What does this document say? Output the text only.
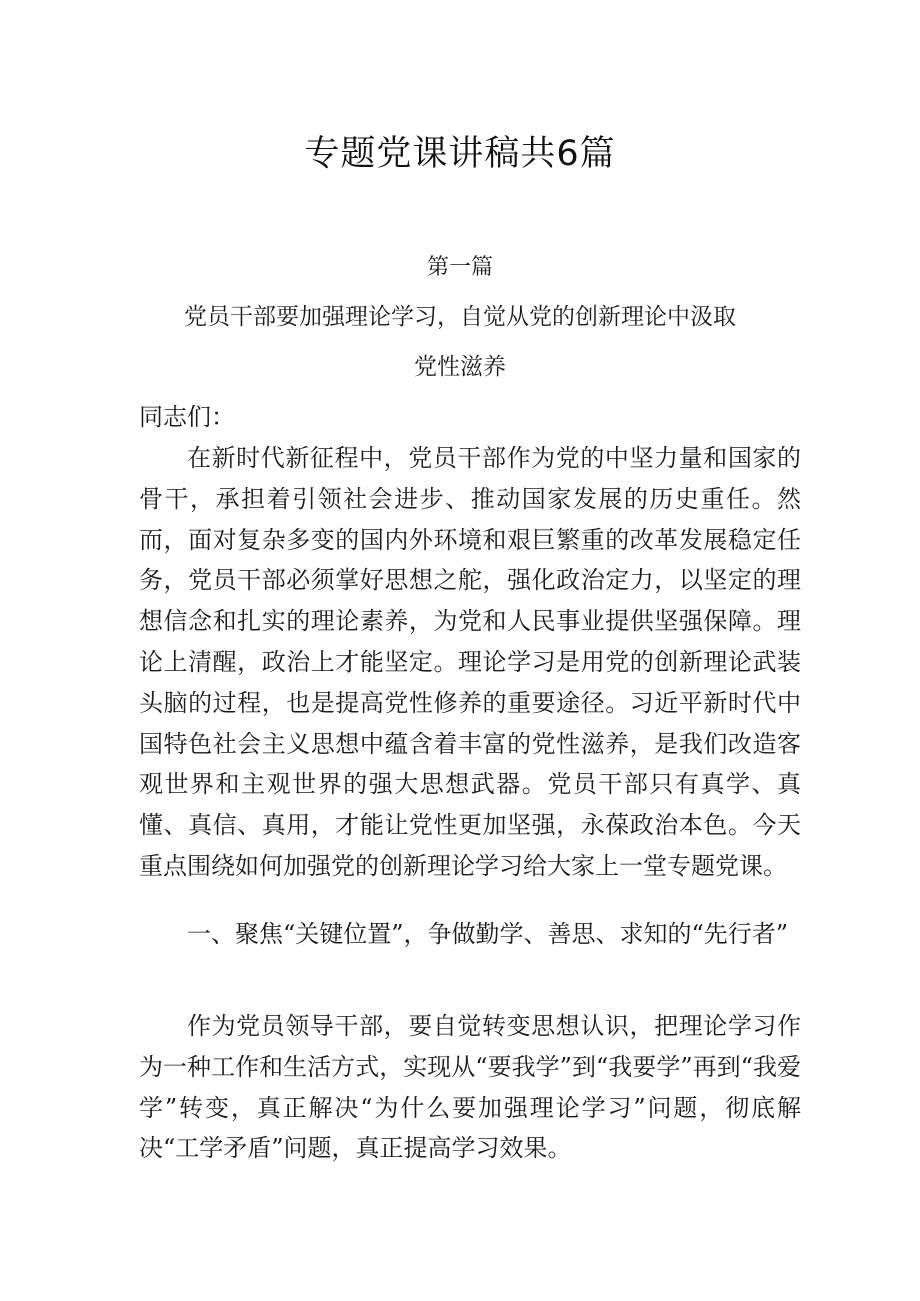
专题党课讲稿共6篇
第一篇
党员干部要加强理论学习，自觉从党的创新理论中汲取
党性滋养
同志们：

在新时代新征程中，党员干部作为党的中坚力量和国家的骨干，承担着引领社会进步、推动国家发展的历史重任。然而，面对复杂多变的国内外环境和艰巨繁重的改革发展稳定任务，党员干部必须掌好思想之舵，强化政治定力，以坚定的理想信念和扎实的理论素养，为党和人民事业提供坚强保障。理论上清醒，政治上才能坚定。理论学习是用党的创新理论武装头脑的过程，也是提高党性修养的重要途径。习近平新时代中国特色社会主义思想中蕴含着丰富的党性滋养，是我们改造客观世界和主观世界的强大思想武器。党员干部只有真学、真懂、真信、真用，才能让党性更加坚强，永葆政治本色。今天重点围绕如何加强党的创新理论学习给大家上一堂专题党课。

一、聚焦“关键位置”，争做勤学、善思、求知的“先行者”

作为党员领导干部，要自觉转变思想认识，把理论学习作为一种工作和生活方式，实现从“要我学”到“我要学”再到“我爱学”转变，真正解决“为什么要加强理论学习”问题，彻底解决“工学矛盾”问题，真正提高学习效果。
